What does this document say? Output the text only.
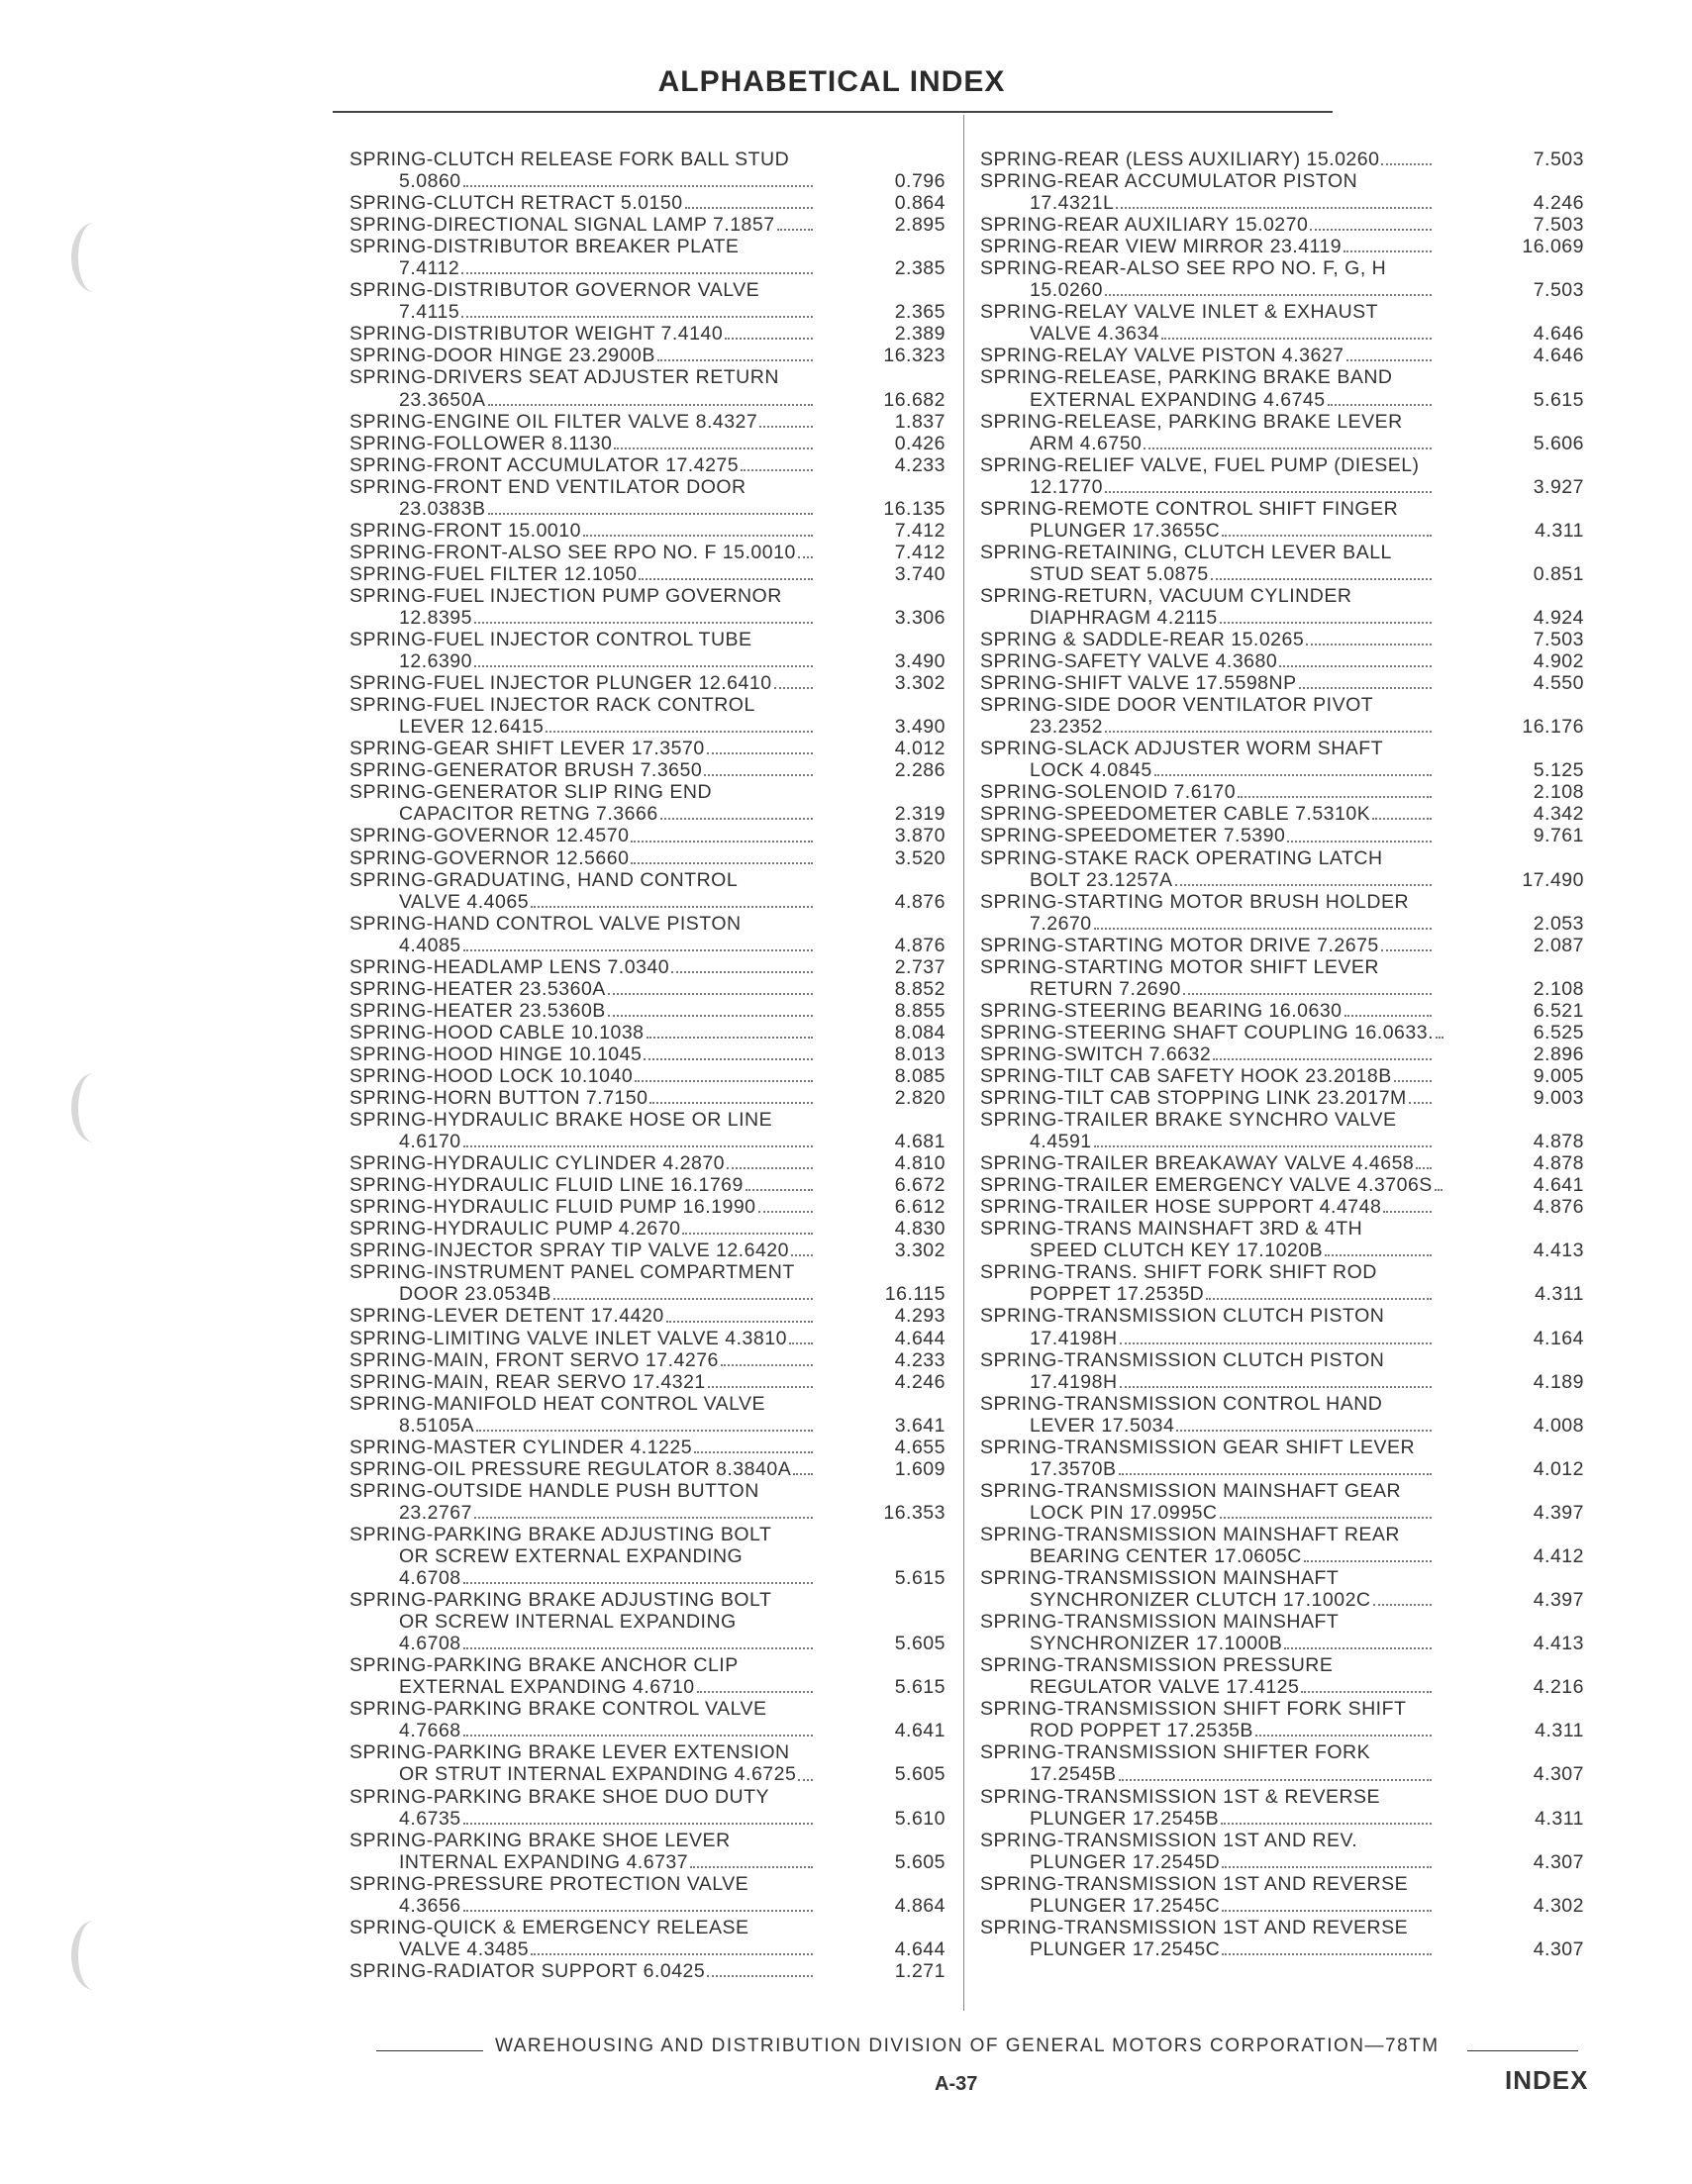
ALPHABETICAL INDEX
SPRING-CLUTCH RELEASE FORK BALL STUD
5.0860	0.796
SPRING-CLUTCH RETRACT 5.0150	0.864
SPRING-DIRECTIONAL SIGNAL LAMP 7.1857	2.895
SPRING-DISTRIBUTOR BREAKER PLATE
7.4112	2.385
SPRING-DISTRIBUTOR GOVERNOR VALVE
7.4115	2.365
SPRING-DISTRIBUTOR WEIGHT 7.4140	2.389
SPRING-DOOR HINGE 23.2900B	16.323
SPRING-DRIVERS SEAT ADJUSTER RETURN
23.3650A	16.682
SPRING-ENGINE OIL FILTER VALVE 8.4327	1.837
SPRING-FOLLOWER 8.1130	0.426
SPRING-FRONT ACCUMULATOR 17.4275	4.233
SPRING-FRONT END VENTILATOR DOOR
23.0383B	16.135
SPRING-FRONT 15.0010	7.412
SPRING-FRONT-ALSO SEE RPO NO. F 15.0010	7.412
SPRING-FUEL FILTER 12.1050	3.740
SPRING-FUEL INJECTION PUMP GOVERNOR
12.8395	3.306
SPRING-FUEL INJECTOR CONTROL TUBE
12.6390	3.490
SPRING-FUEL INJECTOR PLUNGER 12.6410	3.302
SPRING-FUEL INJECTOR RACK CONTROL
LEVER 12.6415	3.490
SPRING-GEAR SHIFT LEVER 17.3570	4.012
SPRING-GENERATOR BRUSH 7.3650	2.286
SPRING-GENERATOR SLIP RING END
CAPACITOR RETNG 7.3666	2.319
SPRING-GOVERNOR 12.4570	3.870
SPRING-GOVERNOR 12.5660	3.520
SPRING-GRADUATING, HAND CONTROL
VALVE 4.4065	4.876
SPRING-HAND CONTROL VALVE PISTON
4.4085	4.876
SPRING-HEADLAMP LENS 7.0340	2.737
SPRING-HEATER 23.5360A	8.852
SPRING-HEATER 23.5360B	8.855
SPRING-HOOD CABLE 10.1038	8.084
SPRING-HOOD HINGE 10.1045	8.013
SPRING-HOOD LOCK 10.1040	8.085
SPRING-HORN BUTTON 7.7150	2.820
SPRING-HYDRAULIC BRAKE HOSE OR LINE
4.6170	4.681
SPRING-HYDRAULIC CYLINDER 4.2870	4.810
SPRING-HYDRAULIC FLUID LINE 16.1769	6.672
SPRING-HYDRAULIC FLUID PUMP 16.1990	6.612
SPRING-HYDRAULIC PUMP 4.2670	4.830
SPRING-INJECTOR SPRAY TIP VALVE 12.6420	3.302
SPRING-INSTRUMENT PANEL COMPARTMENT
DOOR 23.0534B	16.115
SPRING-LEVER DETENT 17.4420	4.293
SPRING-LIMITING VALVE INLET VALVE 4.3810	4.644
SPRING-MAIN, FRONT SERVO 17.4276	4.233
SPRING-MAIN, REAR SERVO 17.4321	4.246
SPRING-MANIFOLD HEAT CONTROL VALVE
8.5105A	3.641
SPRING-MASTER CYLINDER 4.1225	4.655
SPRING-OIL PRESSURE REGULATOR 8.3840A	1.609
SPRING-OUTSIDE HANDLE PUSH BUTTON
23.2767	16.353
SPRING-PARKING BRAKE ADJUSTING BOLT
OR SCREW EXTERNAL EXPANDING
4.6708	5.615
SPRING-PARKING BRAKE ADJUSTING BOLT
OR SCREW INTERNAL EXPANDING
4.6708	5.605
SPRING-PARKING BRAKE ANCHOR CLIP
EXTERNAL EXPANDING 4.6710	5.615
SPRING-PARKING BRAKE CONTROL VALVE
4.7668	4.641
SPRING-PARKING BRAKE LEVER EXTENSION
OR STRUT INTERNAL EXPANDING 4.6725	5.605
SPRING-PARKING BRAKE SHOE DUO DUTY
4.6735	5.610
SPRING-PARKING BRAKE SHOE LEVER
INTERNAL EXPANDING 4.6737	5.605
SPRING-PRESSURE PROTECTION VALVE
4.3656	4.864
SPRING-QUICK & EMERGENCY RELEASE
VALVE 4.3485	4.644
SPRING-RADIATOR SUPPORT 6.0425	1.271
SPRING-REAR (LESS AUXILIARY) 15.0260	7.503
SPRING-REAR ACCUMULATOR PISTON
17.4321L	4.246
SPRING-REAR AUXILIARY 15.0270	7.503
SPRING-REAR VIEW MIRROR 23.4119	16.069
SPRING-REAR-ALSO SEE RPO NO. F, G, H
15.0260	7.503
SPRING-RELAY VALVE INLET & EXHAUST
VALVE 4.3634	4.646
SPRING-RELAY VALVE PISTON 4.3627	4.646
SPRING-RELEASE, PARKING BRAKE BAND
EXTERNAL EXPANDING 4.6745	5.615
SPRING-RELEASE, PARKING BRAKE LEVER
ARM 4.6750	5.606
SPRING-RELIEF VALVE, FUEL PUMP (DIESEL)
12.1770	3.927
SPRING-REMOTE CONTROL SHIFT FINGER
PLUNGER 17.3655C	4.311
SPRING-RETAINING, CLUTCH LEVER BALL
STUD SEAT 5.0875	0.851
SPRING-RETURN, VACUUM CYLINDER
DIAPHRAGM 4.2115	4.924
SPRING & SADDLE-REAR 15.0265	7.503
SPRING-SAFETY VALVE 4.3680	4.902
SPRING-SHIFT VALVE 17.5598NP	4.550
SPRING-SIDE DOOR VENTILATOR PIVOT
23.2352	16.176
SPRING-SLACK ADJUSTER WORM SHAFT
LOCK 4.0845	5.125
SPRING-SOLENOID 7.6170	2.108
SPRING-SPEEDOMETER CABLE 7.5310K	4.342
SPRING-SPEEDOMETER 7.5390	9.761
SPRING-STAKE RACK OPERATING LATCH
BOLT 23.1257A	17.490
SPRING-STARTING MOTOR BRUSH HOLDER
7.2670	2.053
SPRING-STARTING MOTOR DRIVE 7.2675	2.087
SPRING-STARTING MOTOR SHIFT LEVER
RETURN 7.2690	2.108
SPRING-STEERING BEARING 16.0630	6.521
SPRING-STEERING SHAFT COUPLING 16.0633.	6.525
SPRING-SWITCH 7.6632	2.896
SPRING-TILT CAB SAFETY HOOK 23.2018B	9.005
SPRING-TILT CAB STOPPING LINK 23.2017M	9.003
SPRING-TRAILER BRAKE SYNCHRO VALVE
4.4591	4.878
SPRING-TRAILER BREAKAWAY VALVE 4.4658	4.878
SPRING-TRAILER EMERGENCY VALVE 4.3706S	4.641
SPRING-TRAILER HOSE SUPPORT 4.4748	4.876
SPRING-TRANS MAINSHAFT 3RD & 4TH
SPEED CLUTCH KEY 17.1020B	4.413
SPRING-TRANS. SHIFT FORK SHIFT ROD
POPPET 17.2535D	4.311
SPRING-TRANSMISSION CLUTCH PISTON
17.4198H	4.164
SPRING-TRANSMISSION CLUTCH PISTON
17.4198H	4.189
SPRING-TRANSMISSION CONTROL HAND
LEVER 17.5034	4.008
SPRING-TRANSMISSION GEAR SHIFT LEVER
17.3570B	4.012
SPRING-TRANSMISSION MAINSHAFT GEAR
LOCK PIN 17.0995C	4.397
SPRING-TRANSMISSION MAINSHAFT REAR
BEARING CENTER 17.0605C	4.412
SPRING-TRANSMISSION MAINSHAFT
SYNCHRONIZER CLUTCH 17.1002C	4.397
SPRING-TRANSMISSION MAINSHAFT
SYNCHRONIZER 17.1000B	4.413
SPRING-TRANSMISSION PRESSURE
REGULATOR VALVE 17.4125	4.216
SPRING-TRANSMISSION SHIFT FORK SHIFT
ROD POPPET 17.2535B	4.311
SPRING-TRANSMISSION SHIFTER FORK
17.2545B	4.307
SPRING-TRANSMISSION 1ST & REVERSE
PLUNGER 17.2545B	4.311
SPRING-TRANSMISSION 1ST AND REV.
PLUNGER 17.2545D	4.307
SPRING-TRANSMISSION 1ST AND REVERSE
PLUNGER 17.2545C	4.302
SPRING-TRANSMISSION 1ST AND REVERSE
PLUNGER 17.2545C	4.307
WAREHOUSING AND DISTRIBUTION DIVISION OF GENERAL MOTORS CORPORATION—78TM
A-37	INDEX
